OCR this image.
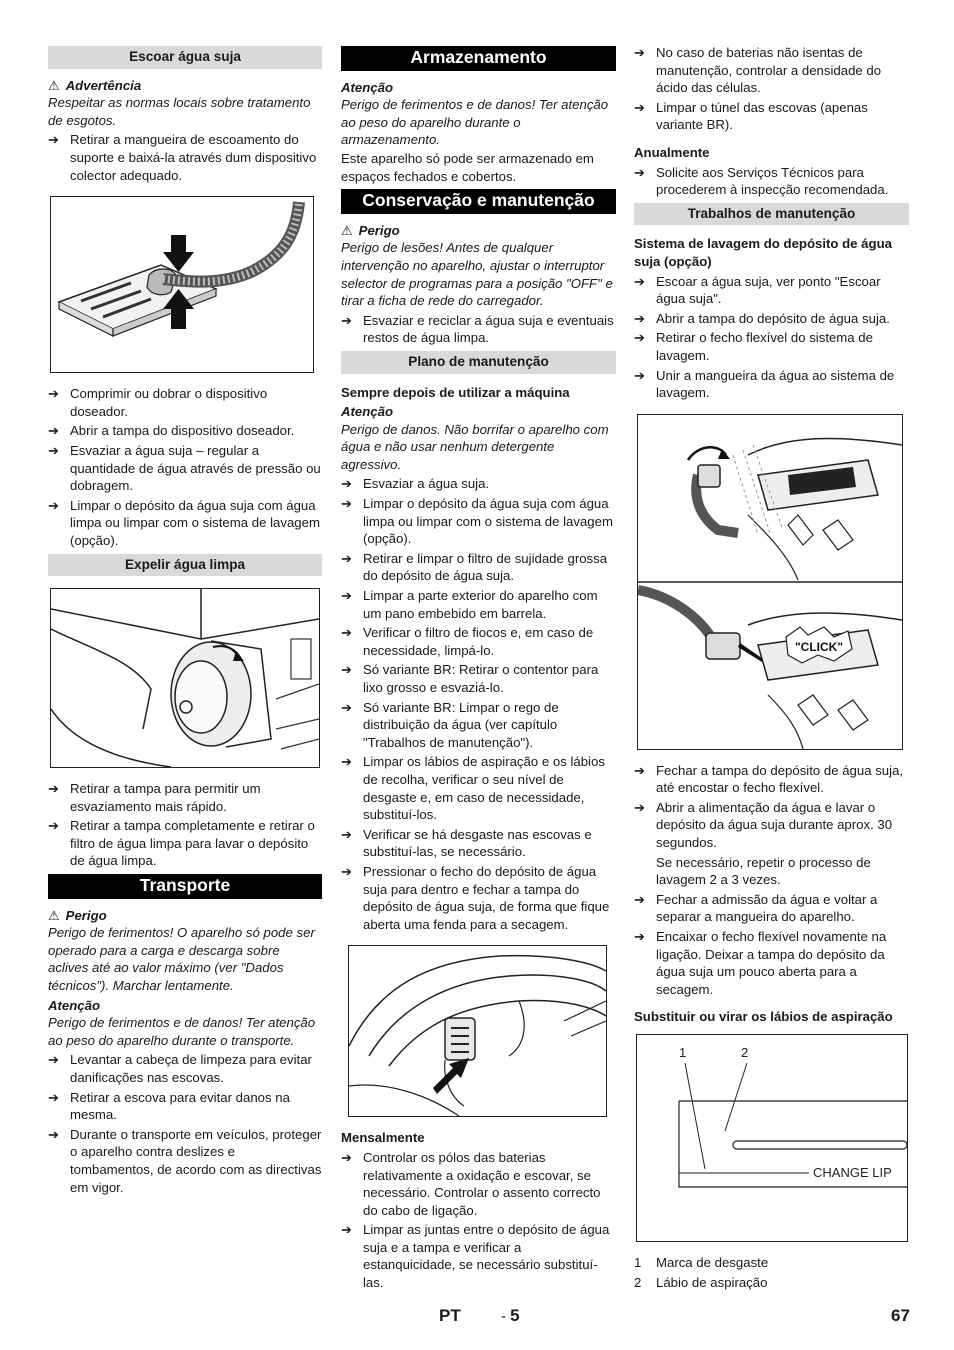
Escoar água suja
⚠ Advertência

Respeitar as normas locais sobre tratamento de esgotos.

➔ Retirar a mangueira de escoamento do suporte e baixá-la através dum dispositivo colector adequado.
➔ Comprimir ou dobrar o dispositivo doseador.
➔ Abrir a tampa do dispositivo doseador.
➔ Esvaziar a água suja – regular a quantidade de água através de pressão ou dobragem.
➔ Limpar o depósito da água suja com água limpa ou limpar com o sistema de lavagem (opção).
Expelir água limpa
➔ Retirar a tampa para permitir um esvaziamento mais rápido.
➔ Retirar a tampa completamente e retirar o filtro de água limpa para lavar o depósito de água limpa.
Transporte
⚠ Perigo

Perigo de ferimentos! O aparelho só pode ser operado para a carga e descarga sobre aclives até ao valor máximo (ver "Dados técnicos"). Marchar lentamente.

Atenção

Perigo de ferimentos e de danos! Ter atenção ao peso do aparelho durante o transporte.

➔ Levantar a cabeça de limpeza para evitar danificações nas escovas.
➔ Retirar a escova para evitar danos na mesma.
➔ Durante o transporte em veículos, proteger o aparelho contra deslizes e tombamentos, de acordo com as directivas em vigor.
Armazenamento
Atenção

Perigo de ferimentos e de danos! Ter atenção ao peso do aparelho durante o armazenamento.

Este aparelho só pode ser armazenado em espaços fechados e cobertos.

Conservação e manutenção
⚠ Perigo

Perigo de lesões! Antes de qualquer intervenção no aparelho, ajustar o interruptor selector de programas para a posição "OFF" e tirar a ficha de rede do carregador.

➔ Esvaziar e reciclar a água suja e eventuais restos de água limpa.
Plano de manutenção
Sempre depois de utilizar a máquina
Atenção

Perigo de danos. Não borrifar o aparelho com água e não usar nenhum detergente agressivo.

➔ Esvaziar a água suja.
➔ Limpar o depósito da água suja com água limpa ou limpar com o sistema de lavagem (opção).
➔ Retirar e limpar o filtro de sujidade grossa do depósito de água suja.
➔ Limpar a parte exterior do aparelho com um pano embebido em barrela.
➔ Verificar o filtro de fiocos e, em caso de necessidade, limpá-lo.
➔ Só variante BR: Retirar o contentor para lixo grosso e esvaziá-lo.
➔ Só variante BR: Limpar o rego de distribuição da água (ver capítulo "Trabalhos de manutenção").
➔ Limpar os lábios de aspiração e os lábios de recolha, verificar o seu nível de desgaste e, em caso de necessidade, substituí-los.
➔ Verificar se há desgaste nas escovas e substituí-las, se necessário.
➔ Pressionar o fecho do depósito de água suja para dentro e fechar a tampa do depósito de água suja, de forma que fique aberta uma fenda para a secagem.
Mensalmente
➔ Controlar os pólos das baterias relativamente a oxidação e escovar, se necessário. Controlar o assento correcto do cabo de ligação.
➔ Limpar as juntas entre o depósito de água suja e a tampa e verificar a estanquicidade, se necessário substituí-las.
➔ No caso de baterias não isentas de manutenção, controlar a densidade do ácido das células.
➔ Limpar o túnel das escovas (apenas variante BR).
Anualmente
➔ Solicite aos Serviços Técnicos para procederem à inspecção recomendada.
Trabalhos de manutenção
Sistema de lavagem do depósito de água suja (opção)
➔ Escoar a água suja, ver ponto "Escoar água suja".
➔ Abrir a tampa do depósito de água suja.
➔ Retirar o fecho flexível do sistema de lavagem.
➔ Unir a mangueira da água ao sistema de lavagem.
"CLICK"
➔ Fechar a tampa do depósito de água suja, até encostar o fecho flexível.
➔ Abrir a alimentação da água e lavar o depósito da água suja durante aprox. 30 segundos.

Se necessário, repetir o processo de lavagem 2 a 3 vezes.

➔ Fechar a admissão da água e voltar a separar a mangueira do aparelho.
➔ Encaixar o fecho flexível novamente na ligação. Deixar a tampa do depósito da água suja um pouco aberta para a secagem.
Substituir ou virar os lábios de aspiração
1	2
CHANGE LIP
1 Marca de desgaste
2 Lábio de aspiração
PT	- 5	67
